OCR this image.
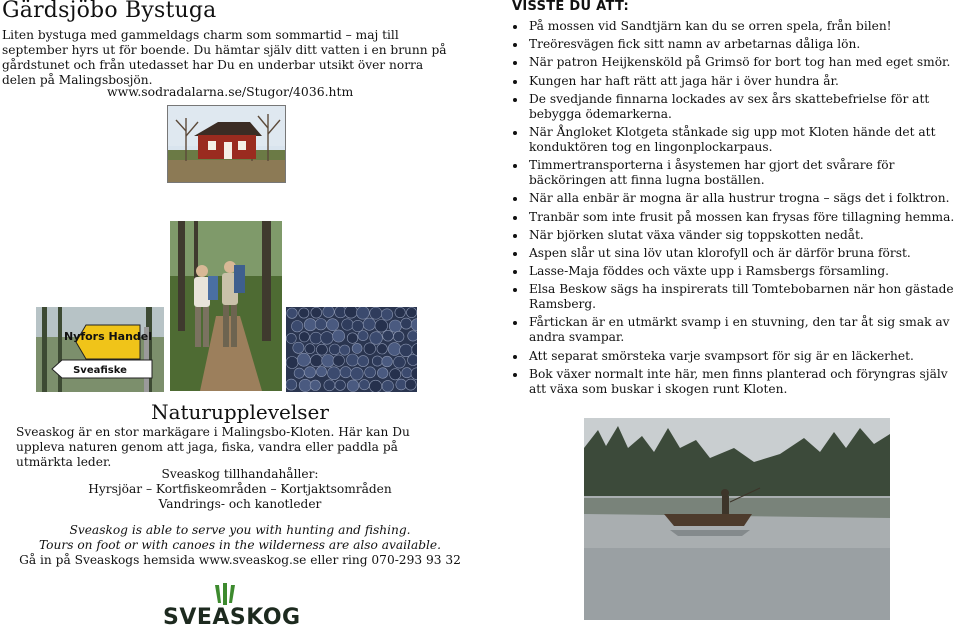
Gärdsjöbo Bystuga
Liten bystuga med gammeldags charm som sommartid – maj till september hyrs ut för boende. Du hämtar själv ditt vatten i en brunn på gårdstunet och från utedasset har Du en underbar utsikt över norra delen på Malingsbosjön.
www.sodradalarna.se/Stugor/4036.htm
Nyfors Handel
Sveafiske
Naturupplevelser
Sveaskog är en stor markägare i Malingsbo-Kloten. Här kan Du uppleva naturen genom att jaga, fiska, vandra eller paddla på utmärkta leder.
Sveaskog tillhandahåller:
Hyrsjöar – Kortfiskeområden – Kortjaktsområden
Vandrings- och kanotleder
Sveaskog is able to serve you with hunting and fishing.
Tours on foot or with canoes in the wilderness are also available.
Gå in på Sveaskogs hemsida www.sveaskog.se eller ring 070-293 93 32
SVEASKOG
VISSTE DU ATT:
På mossen vid Sandtjärn kan du se orren spela, från bilen!
Treöresvägen fick sitt namn av arbetarnas dåliga lön.
När patron Heijkensköld på Grimsö for bort tog han med eget smör.
Kungen har haft rätt att jaga här i över hundra år.
De svedjande finnarna lockades av sex års skattebefrielse för att bebygga ödemarkerna.
När Ångloket Klotgeta stånkade sig upp mot Kloten hände det att konduktören tog en lingonplockarpaus.
Timmertransporterna i åsystemen har gjort det svårare för bäcköringen att finna lugna boställen.
När alla enbär är mogna är alla hustrur trogna – sägs det i folktron.
Tranbär som inte frusit på mossen kan frysas före tillagning hemma.
När björken slutat växa vänder sig toppskotten nedåt.
Aspen slår ut sina löv utan klorofyll och är därför bruna först.
Lasse-Maja föddes och växte upp i Ramsbergs församling.
Elsa Beskow sägs ha inspirerats till Tomtebobarnen när hon gästade Ramsberg.
Fårtickan är en utmärkt svamp i en stuvning, den tar åt sig smak av andra svampar.
Att separat smörsteka varje svampsort för sig är en läckerhet.
Bok växer normalt inte här, men finns planterad och föryngras själv att växa som buskar i skogen runt Kloten.
